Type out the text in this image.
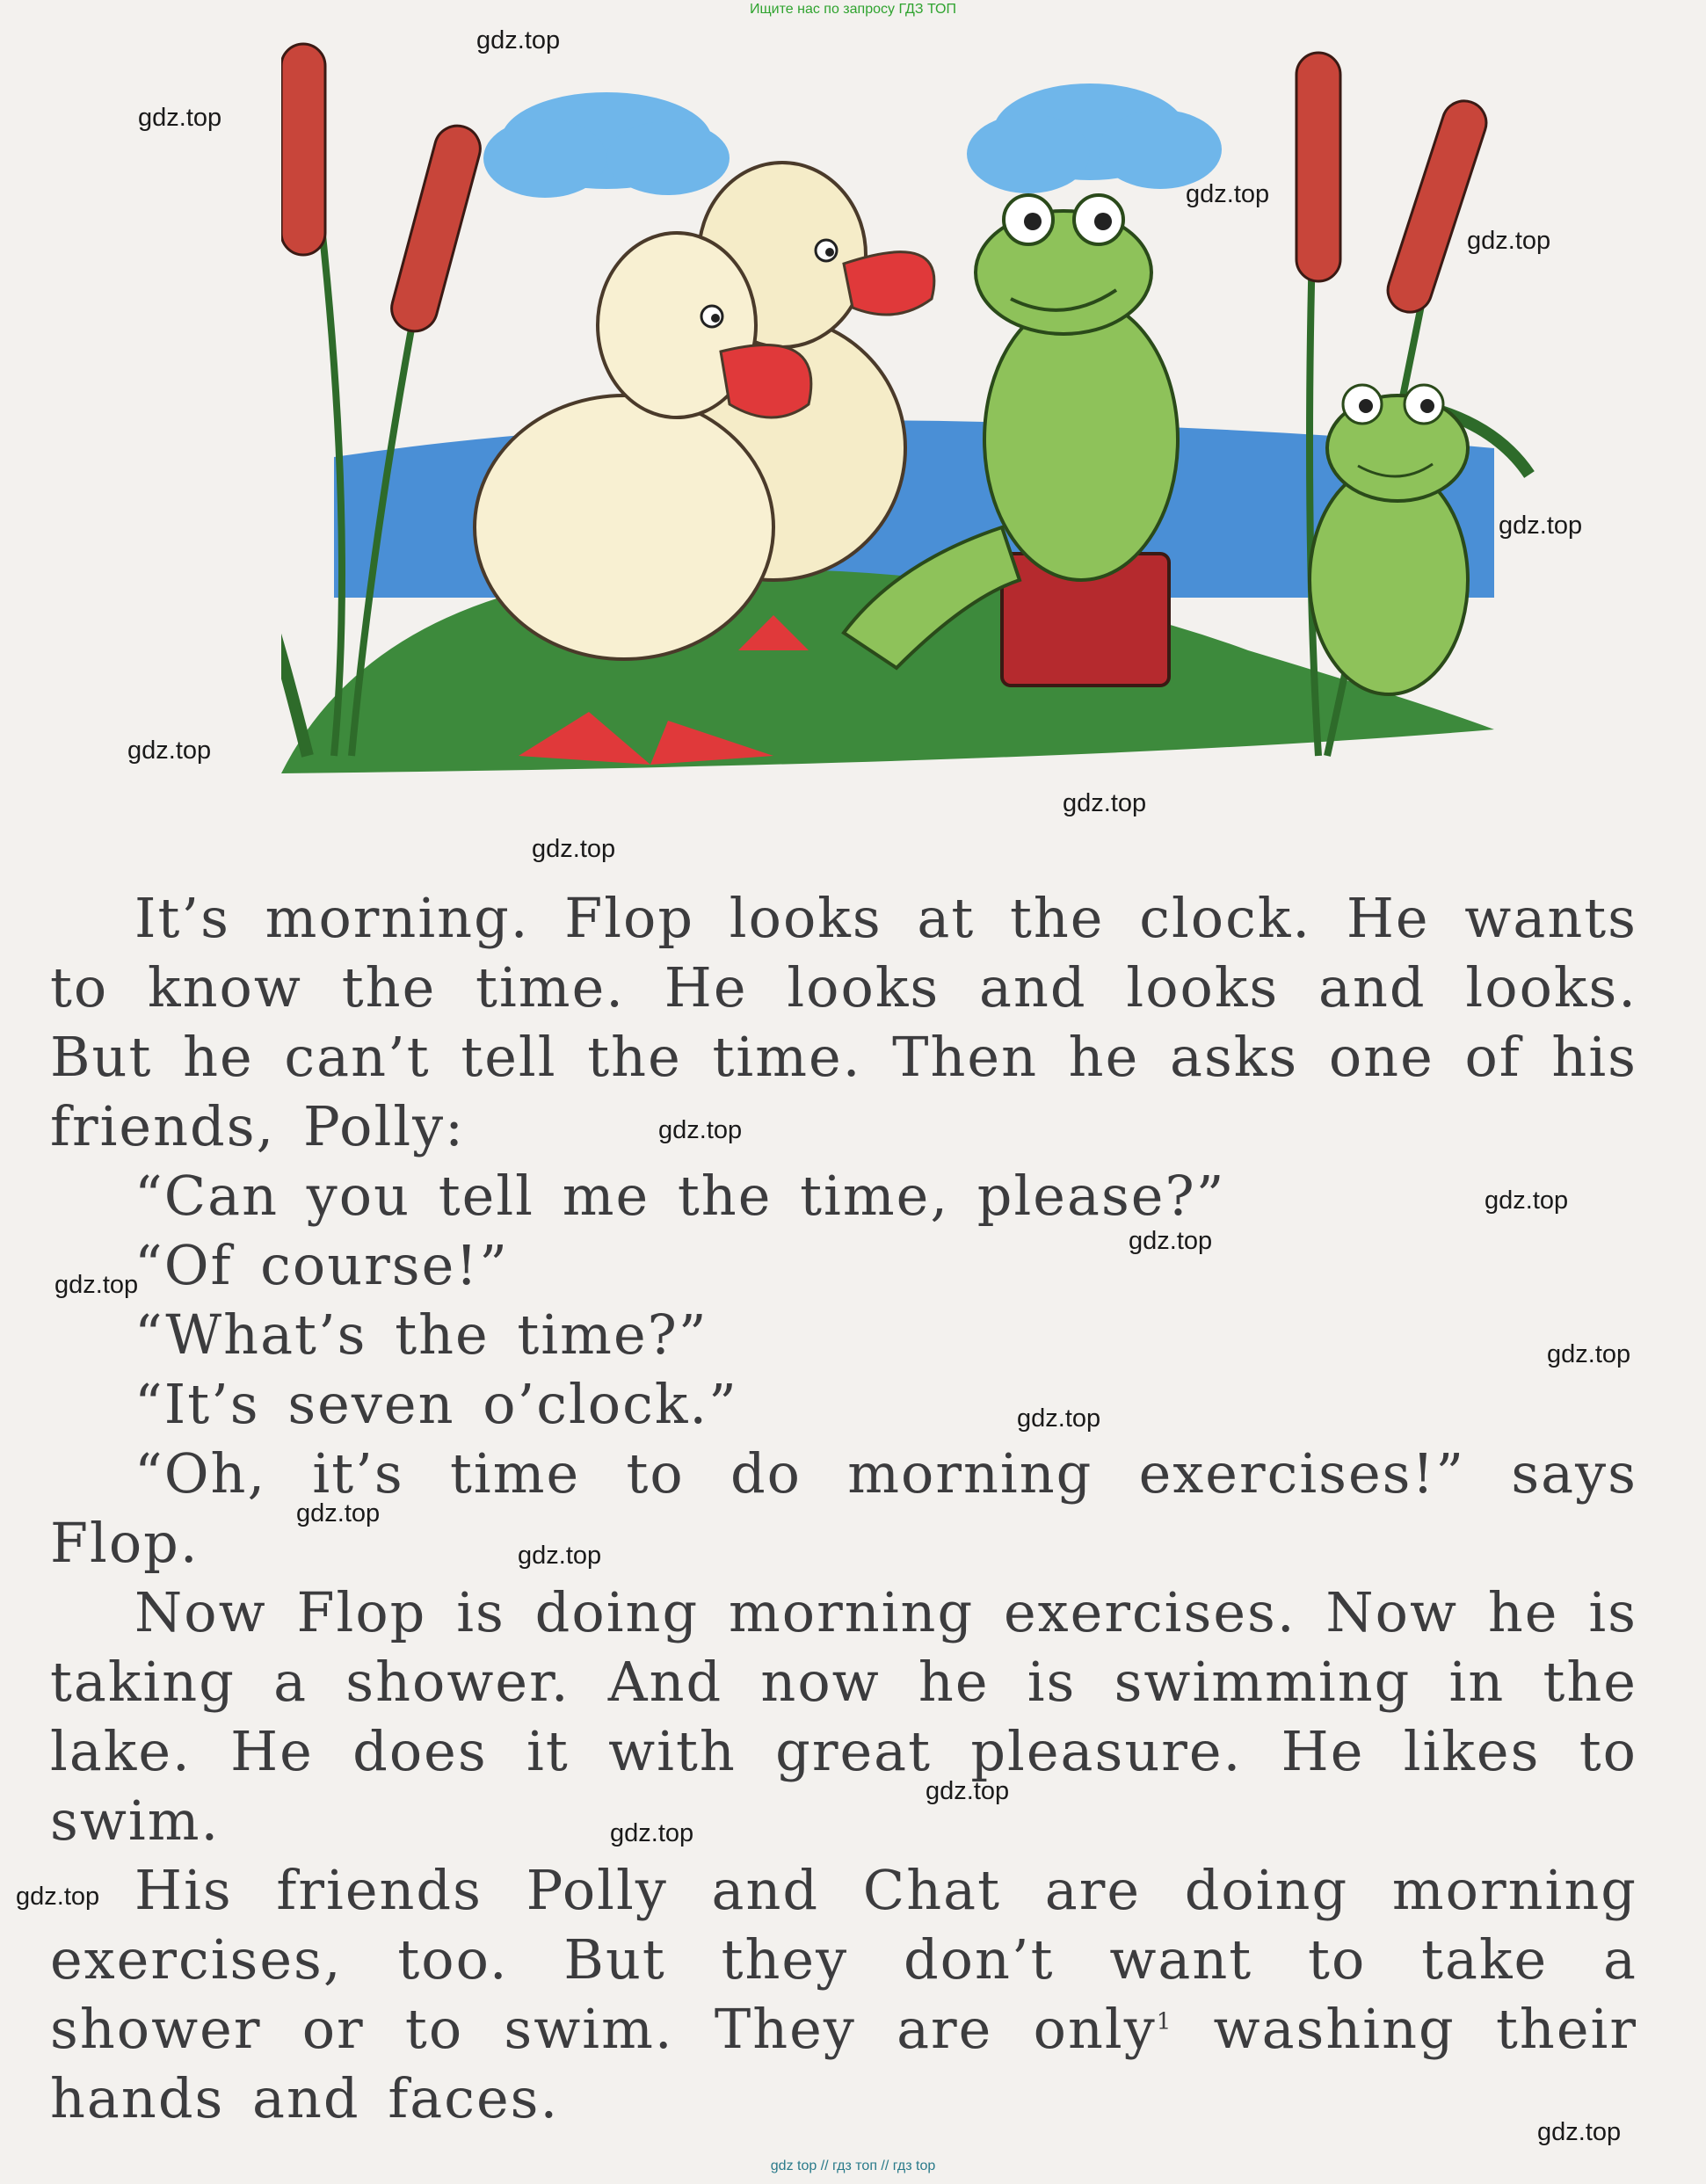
Ищите нас по запросу ГДЗ ТОП

It’s morning. Flop looks at the clock. He wants to know the time. He looks and looks and looks. But he can’t tell the time. Then he asks one of his friends, Polly:

“Can you tell me the time, please?”

“Of course!”

“What’s the time?”

“It’s seven o’clock.”

“Oh, it’s time to do morning exercises!” says Flop.

Now Flop is doing morning exercises. Now he is taking a shower. And now he is swimming in the lake. He does it with great pleasure. He likes to swim.

His friends Polly and Chat are doing morning exercises, too. But they don’t want to take a shower or to swim. They are only$^1$ washing their hands and faces.

gdz top // гдз топ // гдз top
gdz.top
gdz.top
gdz.top
gdz.top
gdz.top
gdz.top
gdz.top
gdz.top
gdz.top
gdz.top
gdz.top
gdz.top
gdz.top
gdz.top
gdz.top
gdz.top
gdz.top
gdz.top
gdz.top
gdz.top
